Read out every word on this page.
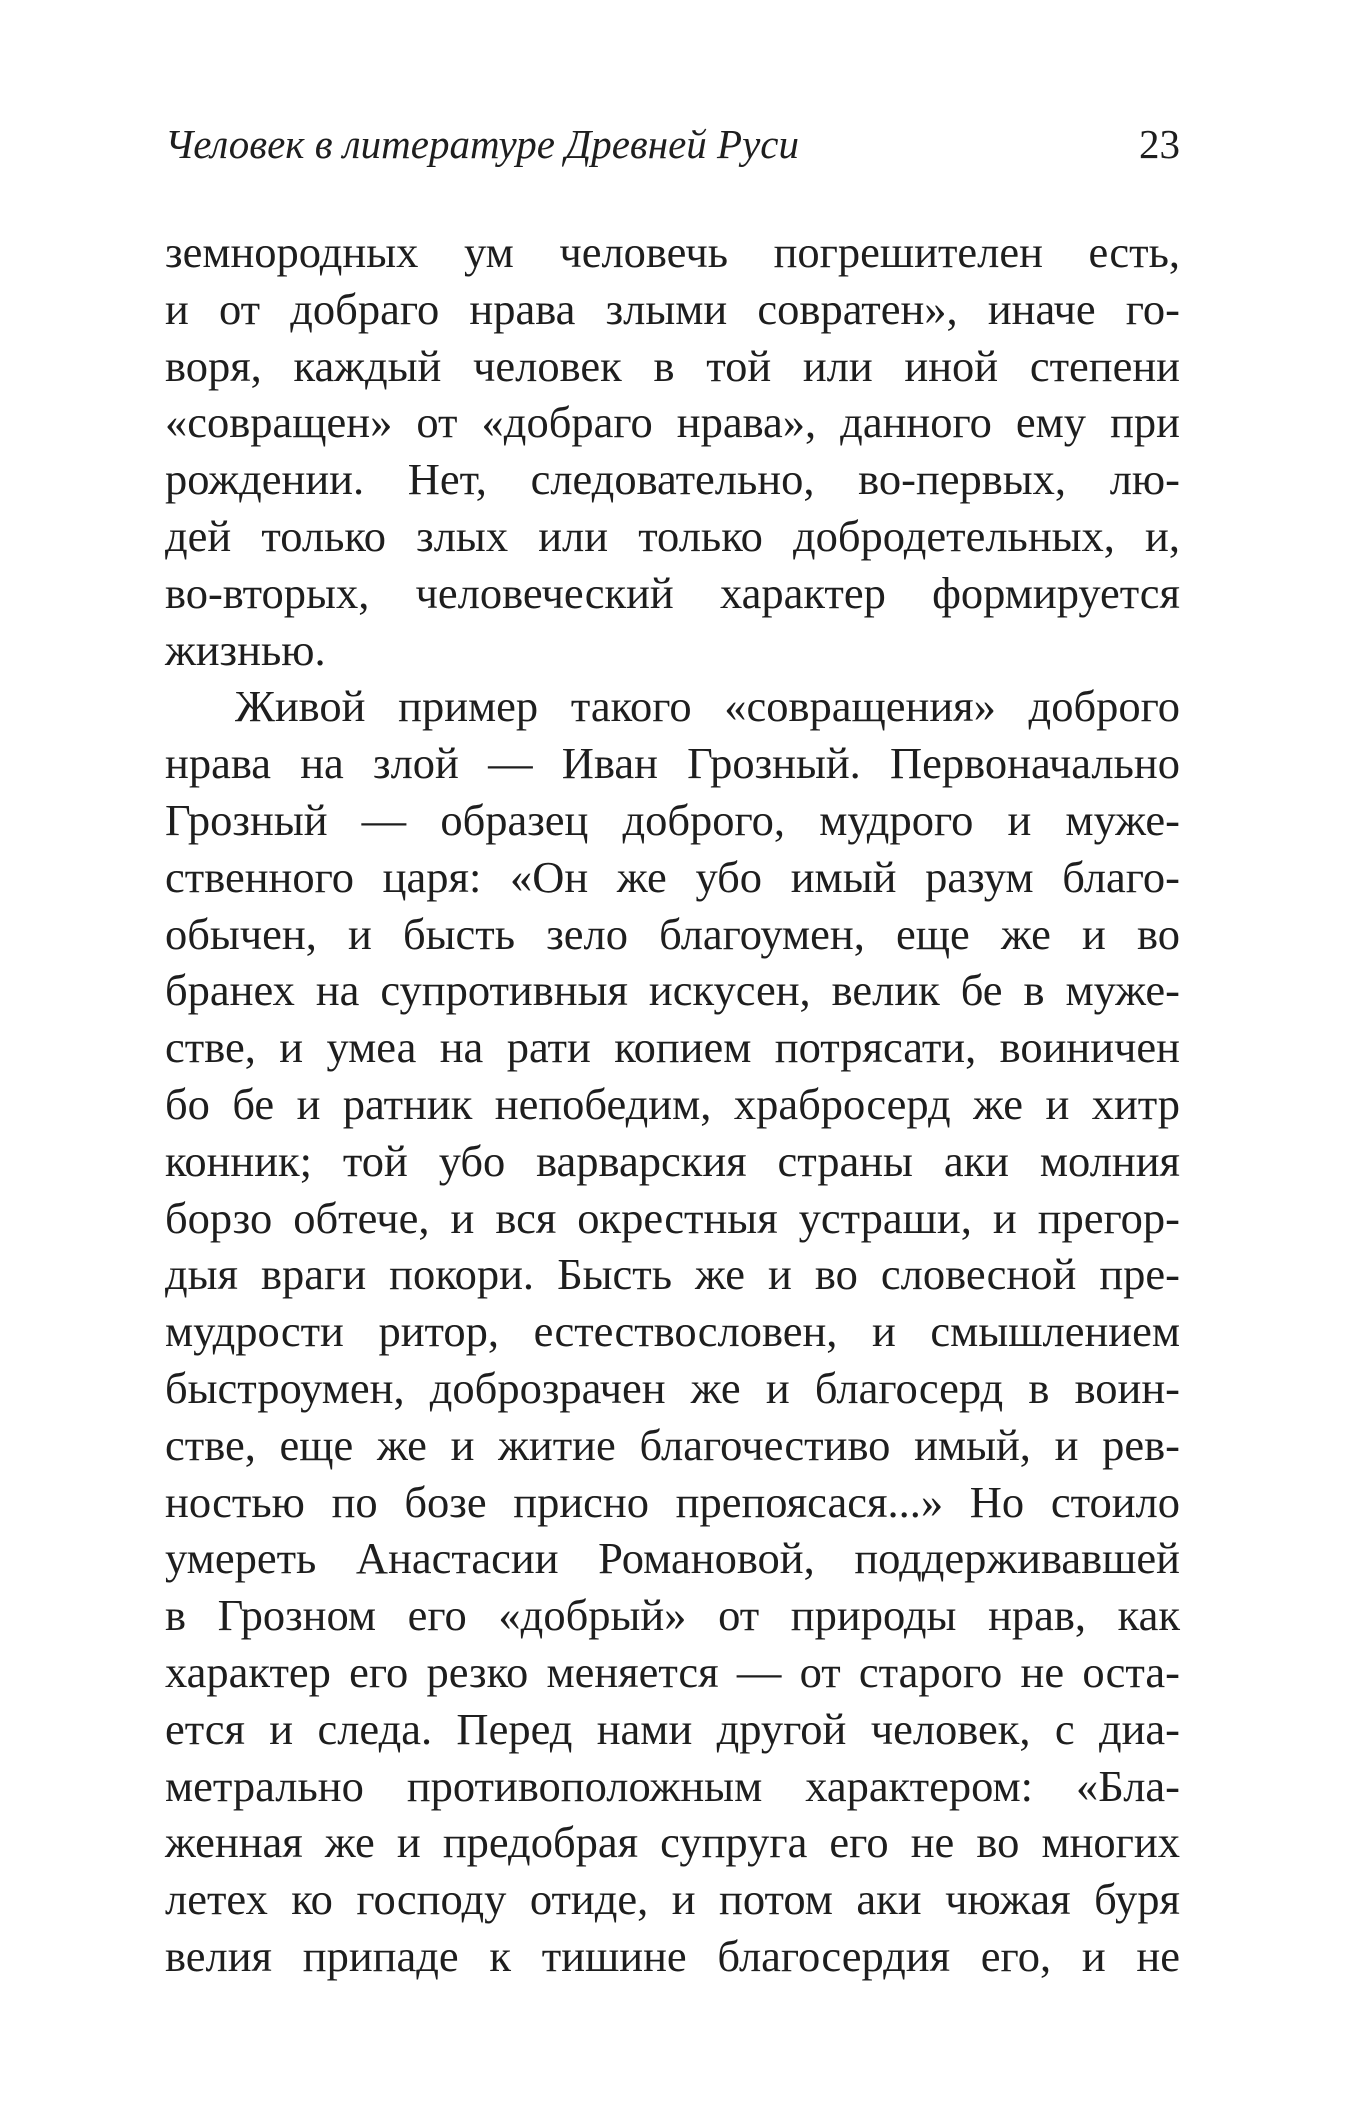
Человек в литературе Древней Руси	23
земнородных ум человечь погрешителен есть,
и от добраго нрава злыми совратен», иначе го-
воря, каждый человек в той или иной степени
«совращен» от «добраго нрава», данного ему при
рождении. Нет, следовательно, во-первых, лю-
дей только злых или только добродетельных, и,
во-вторых, человеческий характер формируется
жизнью.
Живой пример такого «совращения» доброго
нрава на злой — Иван Грозный. Первоначально
Грозный — образец доброго, мудрого и муже-
ственного царя: «Он же убо имый разум благо-
обычен, и бысть зело благоумен, еще же и во
бранех на супротивныя искусен, велик бе в муже-
стве, и умеа на рати копием потрясати, воиничен
бо бе и ратник непобедим, храбросерд же и хитр
конник; той убо варварския страны аки молния
борзо обтече, и вся окрестныя устраши, и прегор-
дыя враги покори. Бысть же и во словесной пре-
мудрости ритор, естествословен, и смышлением
быстроумен, доброзрачен же и благосерд в воин-
стве, еще же и житие благочестиво имый, и рев-
ностью по бозе присно препоясася...» Но стоило
умереть Анастасии Романовой, поддерживавшей
в Грозном его «добрый» от природы нрав, как
характер его резко меняется — от старого не оста-
ется и следа. Перед нами другой человек, с диа-
метрально противоположным характером: «Бла-
женная же и предобрая супруга его не во многих
летех ко господу отиде, и потом аки чюжая буря
велия припаде к тишине благосердия его, и не
